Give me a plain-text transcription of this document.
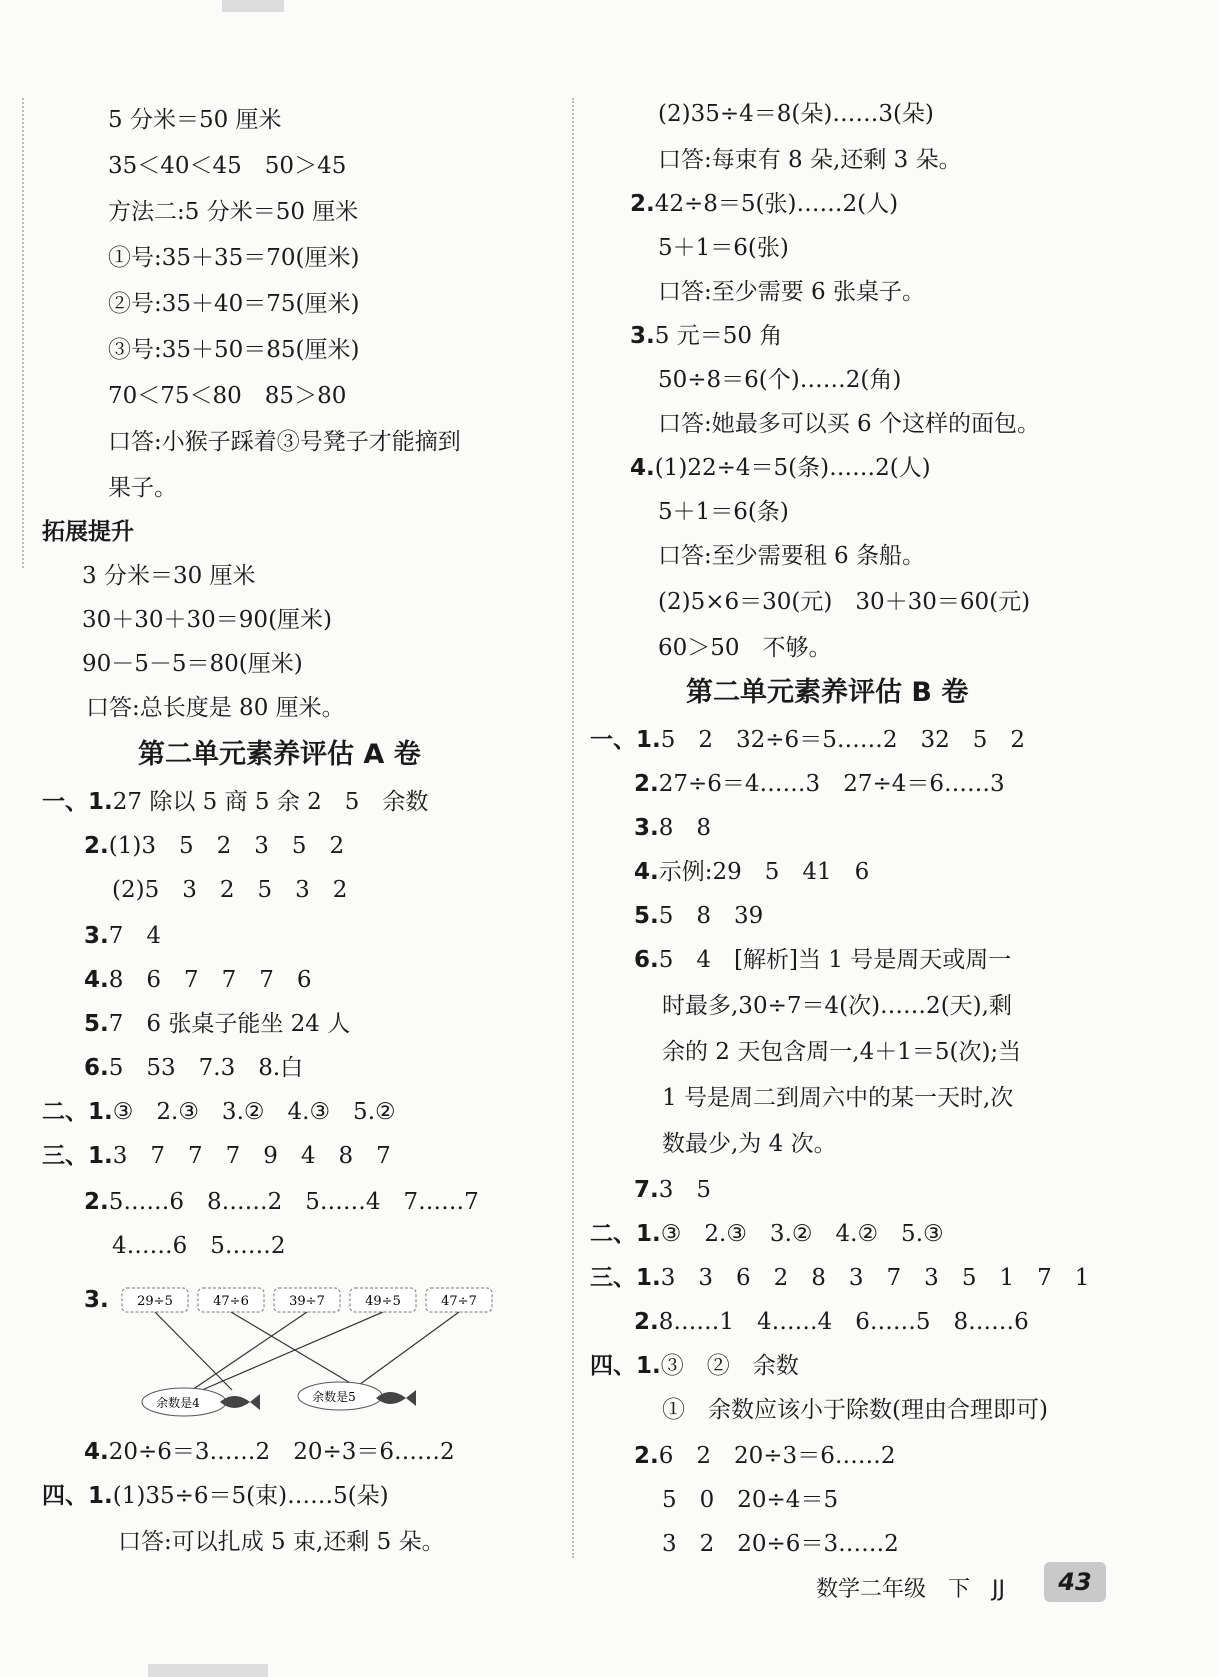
5 分米＝50 厘米
35＜40＜45　50＞45
方法二:5 分米＝50 厘米
①号:35＋35＝70(厘米)
②号:35＋40＝75(厘米)
③号:35＋50＝85(厘米)
70＜75＜80　85＞80
口答:小猴子踩着③号凳子才能摘到
果子。
拓展提升
3 分米＝30 厘米
30＋30＋30＝90(厘米)
90－5－5＝80(厘米)
口答:总长度是 80 厘米。
第二单元素养评估 A 卷
一、1.27 除以 5 商 5 余 2　5　余数
2.(1)3　5　2　3　5　2
(2)5　3　2　5　3　2
3.7　4
4.8　6　7　7　7　6
5.7　6 张桌子能坐 24 人
6.5　53　7.3　8.白
二、1.③　2.③　3.②　4.③　5.②
三、1.3　7　7　7　9　4　8　7
2.5……6　8……2　5……4　7……7
4……6　5……2
3. 29÷5	47÷6	39÷7	49÷5	47÷7
余数是4	余数是5
4.20÷6＝3……2　20÷3＝6……2
四、1.(1)35÷6＝5(束)……5(朵)
口答:可以扎成 5 束,还剩 5 朵。
(2)35÷4＝8(朵)……3(朵)
口答:每束有 8 朵,还剩 3 朵。
2.42÷8＝5(张)……2(人)
5＋1＝6(张)
口答:至少需要 6 张桌子。
3.5 元＝50 角
50÷8＝6(个)……2(角)
口答:她最多可以买 6 个这样的面包。
4.(1)22÷4＝5(条)……2(人)
5＋1＝6(条)
口答:至少需要租 6 条船。
(2)5×6＝30(元)　30＋30＝60(元)
60＞50　不够。
第二单元素养评估 B 卷
一、1.5　2　32÷6＝5……2　32　5　2
2.27÷6＝4……3　27÷4＝6……3
3.8　8
4.示例:29　5　41　6
5.5　8　39
6.5　4　[解析]当 1 号是周天或周一
时最多,30÷7＝4(次)……2(天),剩
余的 2 天包含周一,4＋1＝5(次);当
1 号是周二到周六中的某一天时,次
数最少,为 4 次。
7.3　5
二、1.③　2.③　3.②　4.②　5.③
三、1.3　3　6　2　8　3　7　3　5　1　7　1
2.8……1　4……4　6……5　8……6
四、1.③　②　余数
①　余数应该小于除数(理由合理即可)
2.6　2　20÷3＝6……2
5　0　20÷4＝5
3　2　20÷6＝3……2
数学二年级　下　JJ	43
